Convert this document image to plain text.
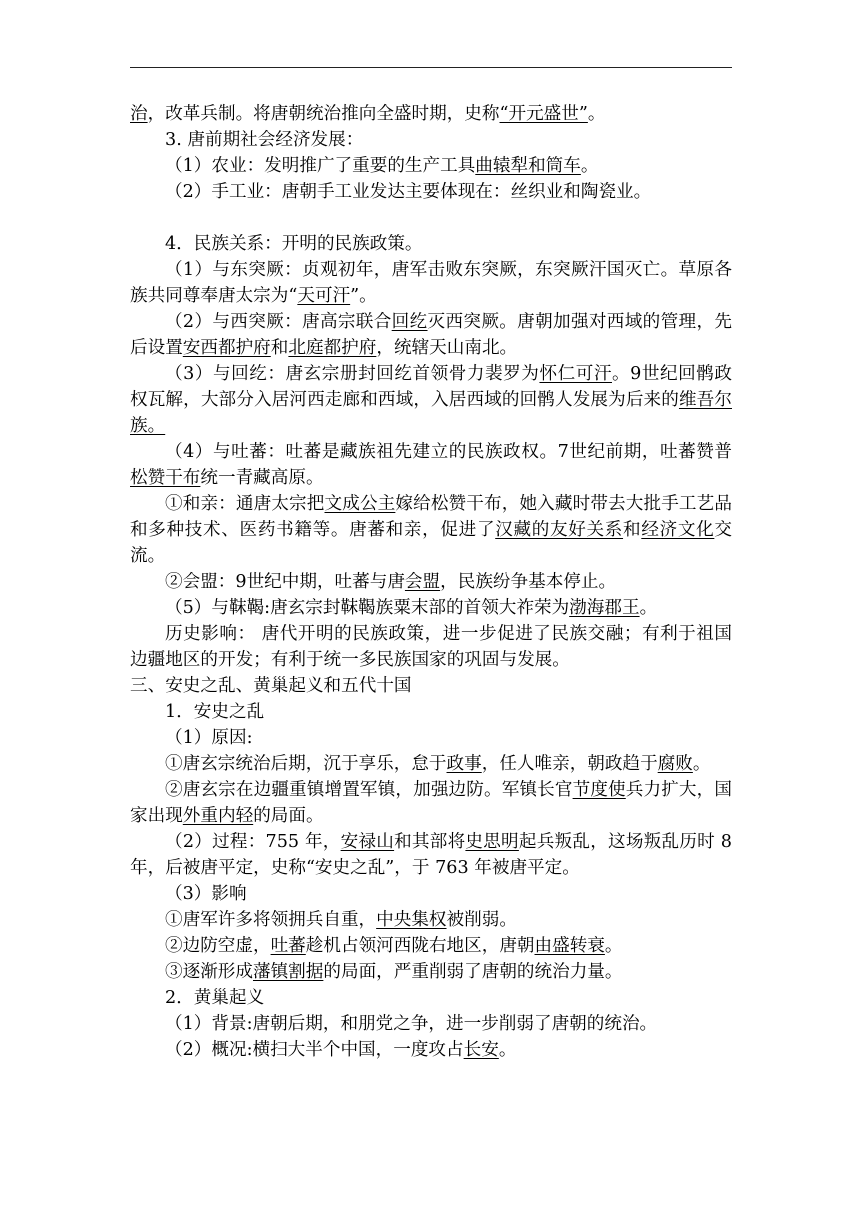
治，改革兵制。将唐朝统治推向全盛时期，史称“开元盛世”。
3. 唐前期社会经济发展：
（1）农业：发明推广了重要的生产工具曲辕犁和筒车。
（2）手工业：唐朝手工业发达主要体现在：丝织业和陶瓷业。
4．民族关系：开明的民族政策。
（1）与东突厥：贞观初年，唐军击败东突厥，东突厥汗国灭亡。草原各族共同尊奉唐太宗为“天可汗”。
（2）与西突厥：唐高宗联合回纥灭西突厥。唐朝加强对西域的管理，先后设置安西都护府和北庭都护府，统辖天山南北。
（3）与回纥：唐玄宗册封回纥首领骨力裴罗为怀仁可汗。9世纪回鹘政权瓦解，大部分入居河西走廊和西域，入居西域的回鹘人发展为后来的维吾尔族。
（4）与吐蕃：吐蕃是藏族祖先建立的民族政权。7世纪前期，吐蕃赞普松赞干布统一青藏高原。
①和亲：通唐太宗把文成公主嫁给松赞干布，她入藏时带去大批手工艺品和多种技术、医药书籍等。唐蕃和亲，促进了汉藏的友好关系和经济文化交流。
②会盟：9世纪中期，吐蕃与唐会盟，民族纷争基本停止。
（5）与靺鞨:唐玄宗封靺鞨族粟末部的首领大祚荣为渤海郡王。
历史影响： 唐代开明的民族政策，进一步促进了民族交融；有利于祖国边疆地区的开发；有利于统一多民族国家的巩固与发展。
三、安史之乱、黄巢起义和五代十国
1．安史之乱
（1）原因:
①唐玄宗统治后期，沉于享乐，怠于政事，任人唯亲，朝政趋于腐败。
②唐玄宗在边疆重镇增置军镇，加强边防。军镇长官节度使兵力扩大，国家出现外重内轻的局面。
（2）过程：755 年，安禄山和其部将史思明起兵叛乱，这场叛乱历时 8 年，后被唐平定，史称“安史之乱”，于 763 年被唐平定。
（3）影响
①唐军许多将领拥兵自重，中央集权被削弱。
②边防空虚，吐蕃趁机占领河西陇右地区，唐朝由盛转衰。
③逐渐形成藩镇割据的局面，严重削弱了唐朝的统治力量。
2．黄巢起义
（1）背景:唐朝后期，和朋党之争，进一步削弱了唐朝的统治。
（2）概况:横扫大半个中国，一度攻占长安。
